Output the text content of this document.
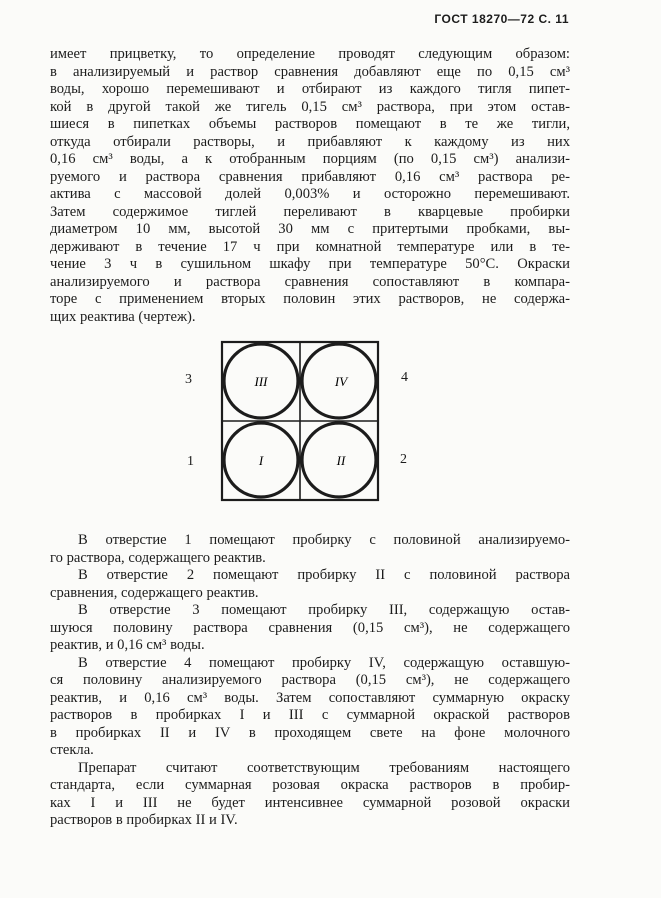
ГОСТ 18270—72 С. 11
имеет прицветку, то определение проводят следующим образом:
в анализируемый и раствор сравнения добавляют еще по 0,15 см³
воды, хорошо перемешивают и отбирают из каждого тигля пипет-
кой в другой такой же тигель 0,15 см³ раствора, при этом остав-
шиеся в пипетках объемы растворов помещают в те же тигли,
откуда отбирали растворы, и прибавляют к каждому из них
0,16 см³ воды, а к отобранным порциям (по 0,15 см³) анализи-
руемого и раствора сравнения прибавляют 0,16 см³ раствора ре-
актива с массовой долей 0,003% и осторожно перемешивают.
Затем содержимое тиглей переливают в кварцевые пробирки
диаметром 10 мм, высотой 30 мм с притертыми пробками, вы-
держивают в течение 17 ч при комнатной температуре или в те-
чение 3 ч в сушильном шкафу при температуре 50°С. Окраски
анализируемого и раствора сравнения сопоставляют в компара-
торе с применением вторых половин этих растворов, не содержа-
щих реактива (чертеж).
III	IV
I	II
3	4
1	2
В отверстие 1 помещают пробирку с половиной анализируемо-
го раствора, содержащего реактив.
В отверстие 2 помещают пробирку II с половиной раствора
сравнения, содержащего реактив.
В отверстие 3 помещают пробирку III, содержащую остав-
шуюся половину раствора сравнения (0,15 см³), не содержащего
реактив, и 0,16 см³ воды.
В отверстие 4 помещают пробирку IV, содержащую оставшую-
ся половину анализируемого раствора (0,15 см³), не содержащего
реактив, и 0,16 см³ воды. Затем сопоставляют суммарную окраску
растворов в пробирках I и III с суммарной окраской растворов
в пробирках II и IV в проходящем свете на фоне молочного
стекла.
Препарат считают соответствующим требованиям настоящего
стандарта, если суммарная розовая окраска растворов в пробир-
ках I и III не будет интенсивнее суммарной розовой окраски
растворов в пробирках II и IV.
